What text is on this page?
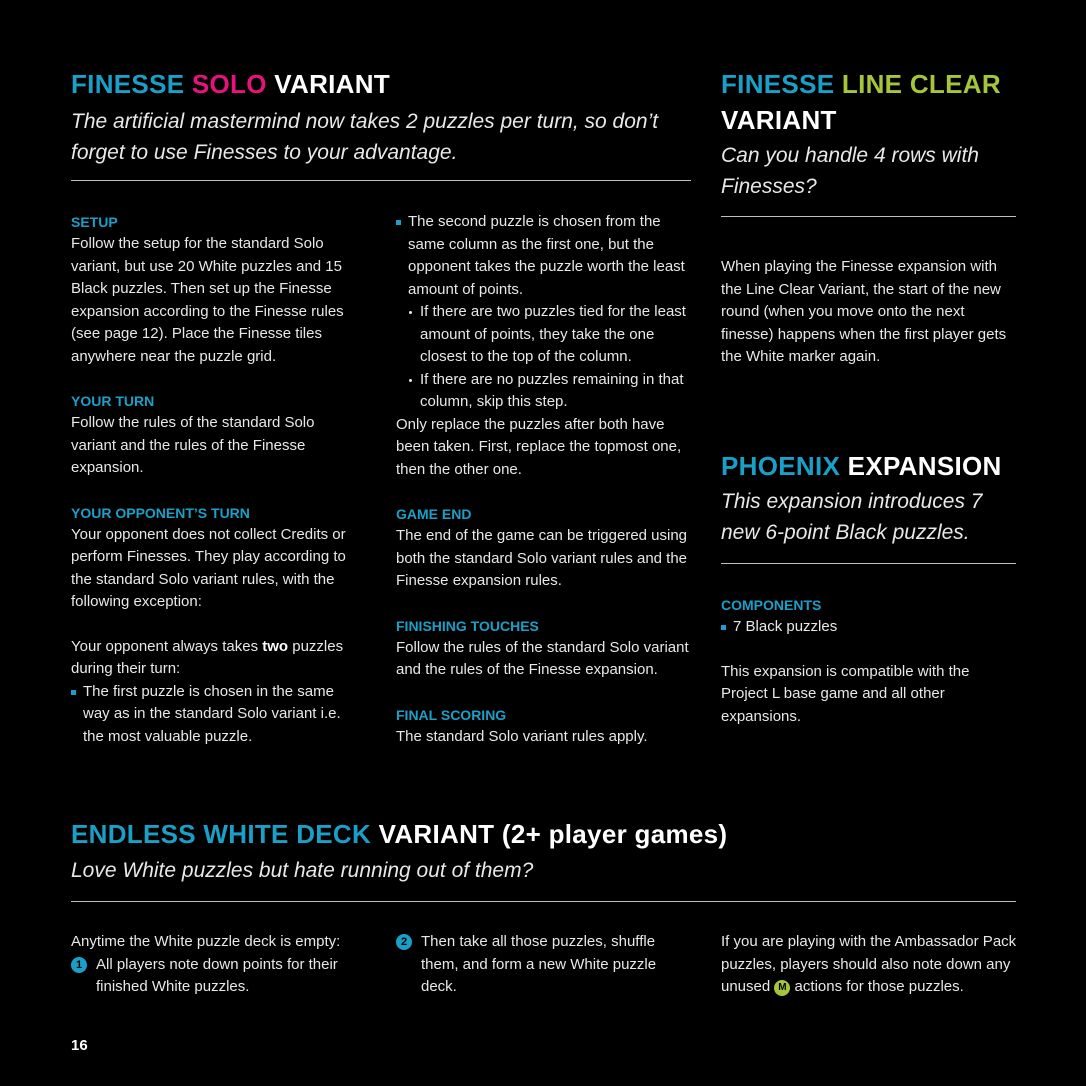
FINESSE SOLO VARIANT

The artificial mastermind now takes 2 puzzles per turn, so don’t forget to use Finesses to your advantage.

SETUP

Follow the setup for the standard Solo variant, but use 20 White puzzles and 15 Black puzzles. Then set up the Finesse expansion according to the Finesse rules (see page 12). Place the Finesse tiles anywhere near the puzzle grid.

YOUR TURN

Follow the rules of the standard Solo variant and the rules of the Finesse expansion.

YOUR OPPONENT’S TURN

Your opponent does not collect Credits or perform Finesses. They play according to the standard Solo variant rules, with the following exception:

Your opponent always takes two puzzles during their turn:

The first puzzle is chosen in the same way as in the standard Solo variant i.e. the most valuable puzzle.

The second puzzle is chosen from the same column as the first one, but the opponent takes the puzzle worth the least amount of points.

If there are two puzzles tied for the least amount of points, they take the one closest to the top of the column.

If there are no puzzles remaining in that column, skip this step.

Only replace the puzzles after both have been taken. First, replace the topmost one, then the other one.

GAME END

The end of the game can be triggered using both the standard Solo variant rules and the Finesse expansion rules.

FINISHING TOUCHES

Follow the rules of the standard Solo variant and the rules of the Finesse expansion.

FINAL SCORING

The standard Solo variant rules apply.

FINESSE LINE CLEAR
VARIANT

Can you handle 4 rows with Finesses?

When playing the Finesse expansion with the Line Clear Variant, the start of the new round (when you move onto the next finesse) happens when the first player gets the White marker again.

PHOENIX EXPANSION

This expansion introduces 7 new 6-point Black puzzles.

COMPONENTS

7 Black puzzles

This expansion is compatible with the Project L base game and all other expansions.

ENDLESS WHITE DECK VARIANT (2+ player games)

Love White puzzles but hate running out of them?

Anytime the White puzzle deck is empty:

1 All players note down points for their finished White puzzles.

2 Then take all those puzzles, shuffle them, and form a new White puzzle deck.

If you are playing with the Ambassador Pack puzzles, players should also note down any unused M actions for those puzzles.

16
